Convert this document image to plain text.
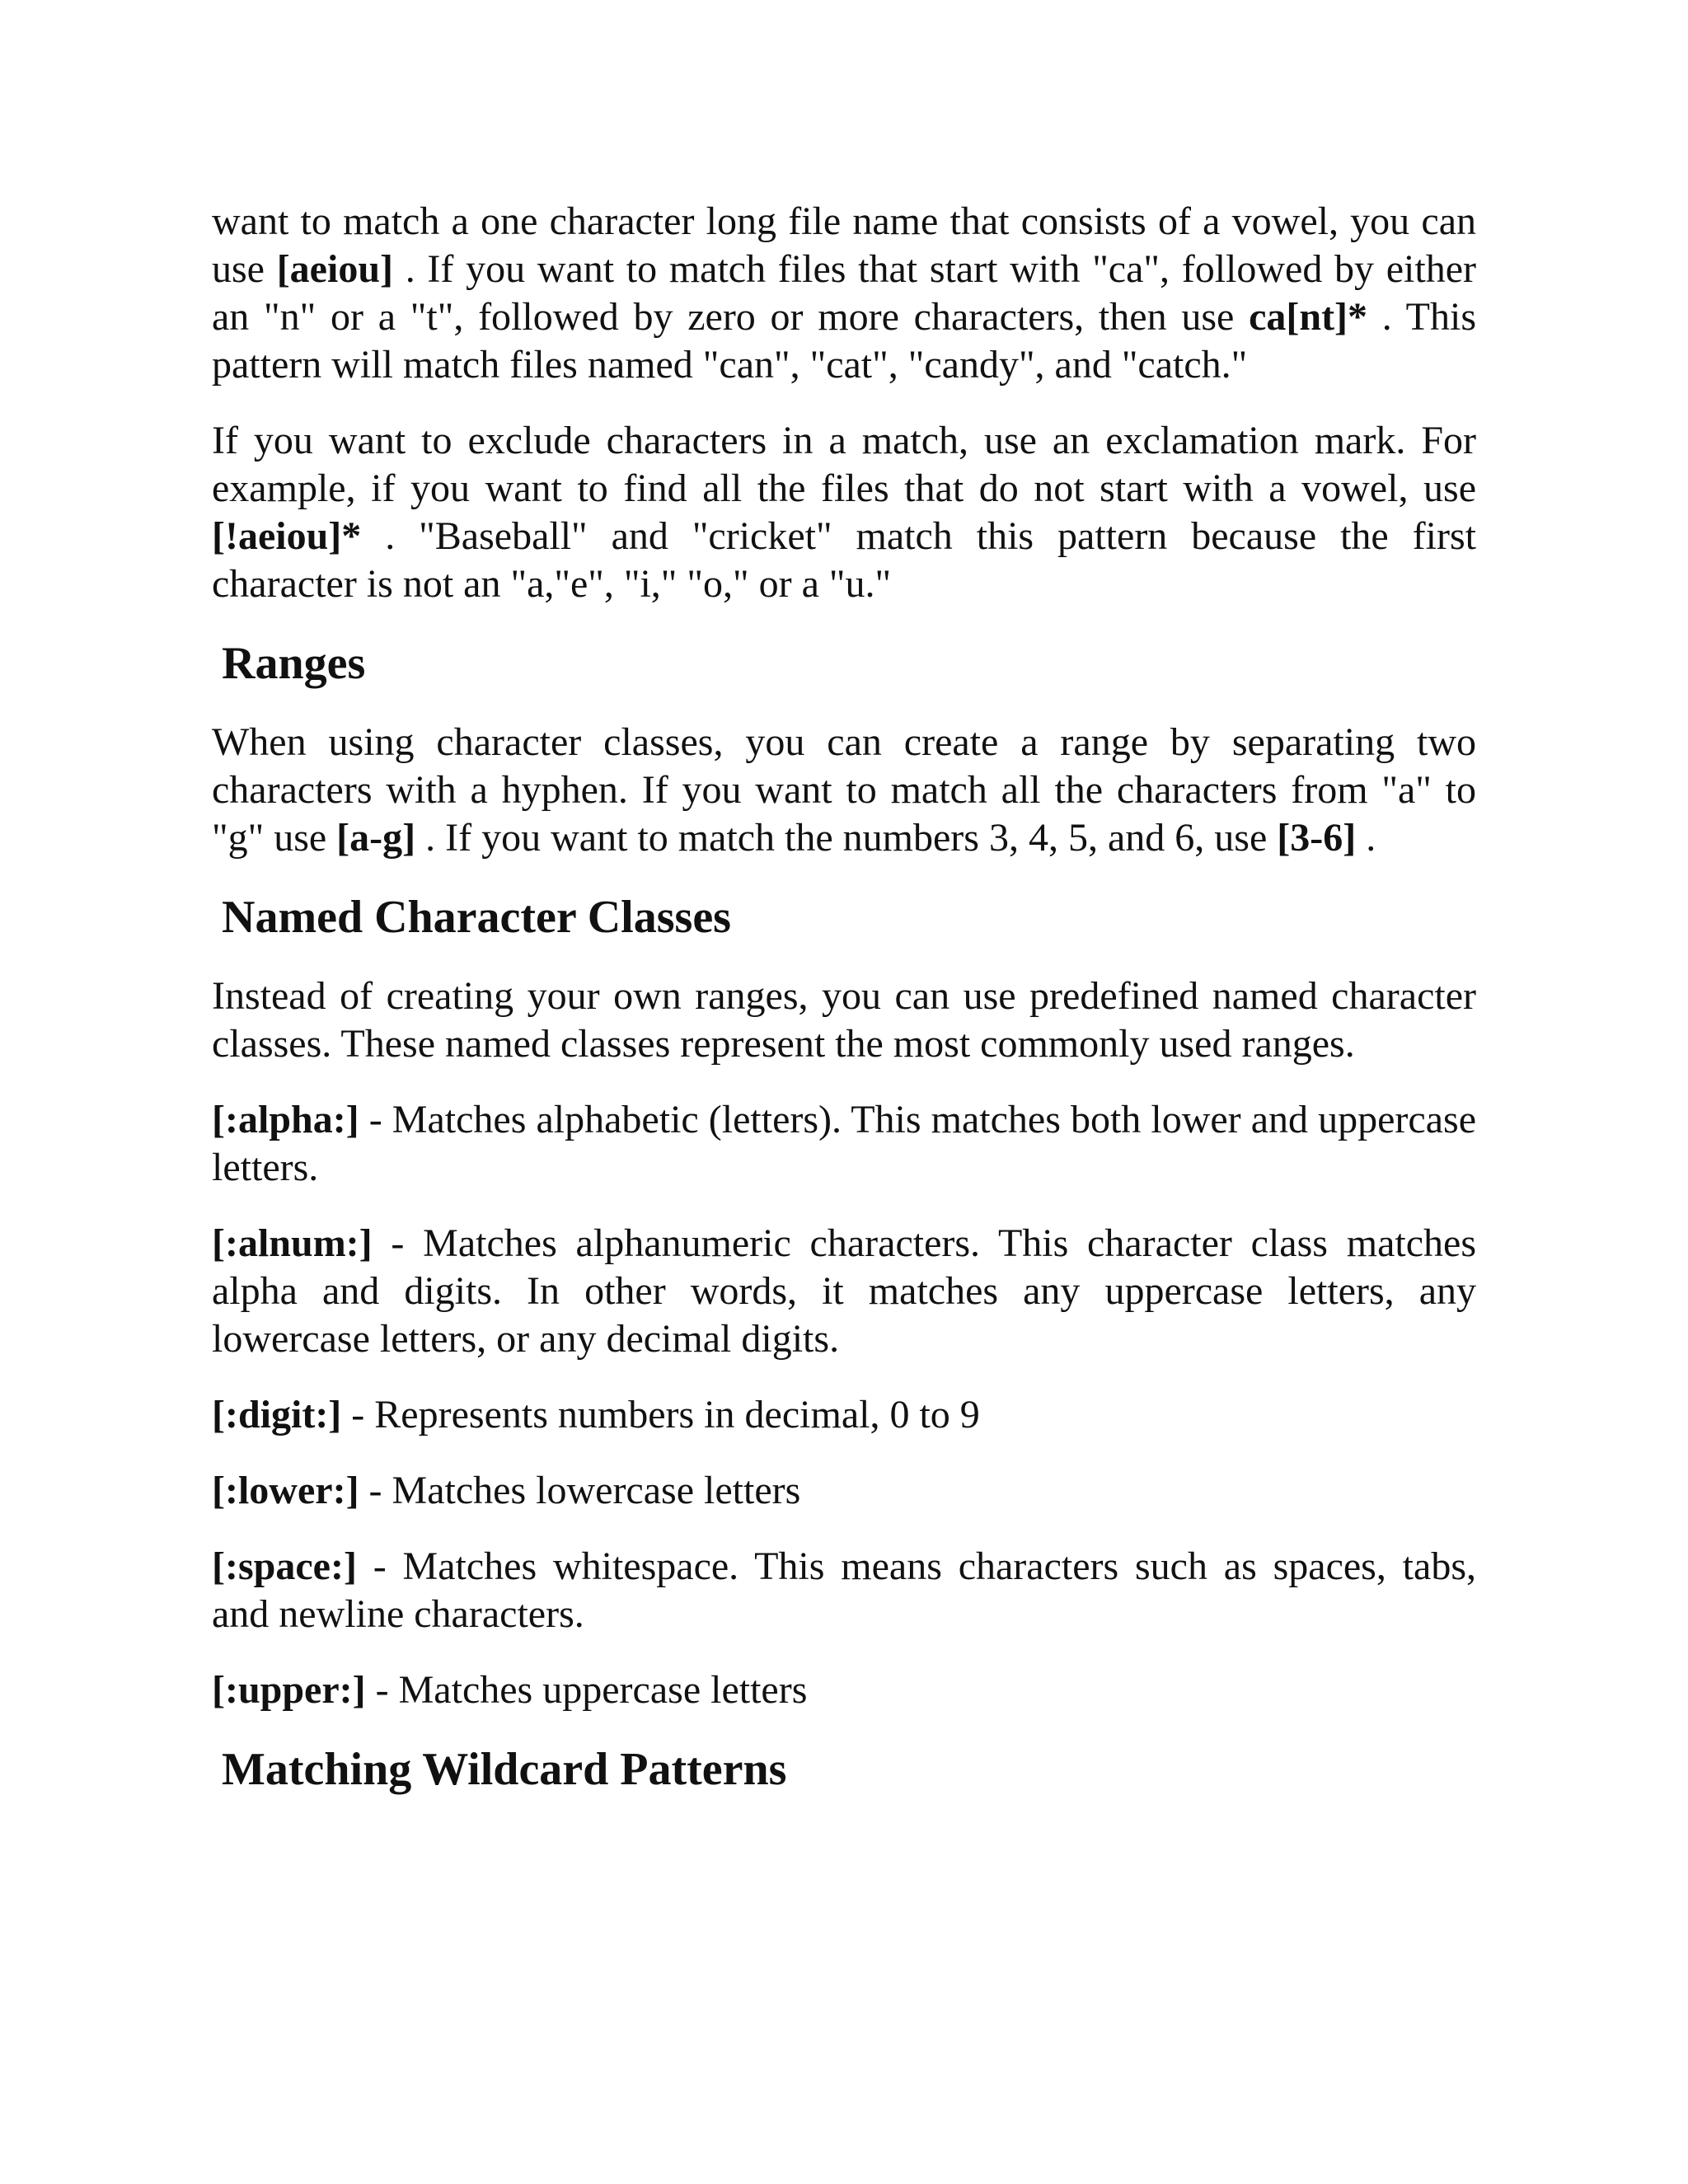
want to match a one character long file name that consists of a vowel, you can use [aeiou] . If you want to match files that start with "ca", followed by either an "n" or a "t", followed by zero or more characters, then use ca[nt]* . This pattern will match files named "can", "cat", "candy", and "catch."

If you want to exclude characters in a match, use an exclamation mark. For example, if you want to find all the files that do not start with a vowel, use [!aeiou]* . "Baseball" and "cricket" match this pattern because the first character is not an "a,"e", "i," "o," or a "u."

Ranges

When using character classes, you can create a range by separating two characters with a hyphen. If you want to match all the characters from "a" to "g" use [a-g] . If you want to match the numbers 3, 4, 5, and 6, use [3-6] .

Named Character Classes

Instead of creating your own ranges, you can use predefined named character classes. These named classes represent the most commonly used ranges.

[:alpha:] - Matches alphabetic (letters). This matches both lower and uppercase letters.

[:alnum:] - Matches alphanumeric characters. This character class matches alpha and digits. In other words, it matches any uppercase letters, any lowercase letters, or any decimal digits.

[:digit:] - Represents numbers in decimal, 0 to 9

[:lower:] - Matches lowercase letters

[:space:] - Matches whitespace. This means characters such as spaces, tabs, and newline characters.

[:upper:] - Matches uppercase letters

Matching Wildcard Patterns
